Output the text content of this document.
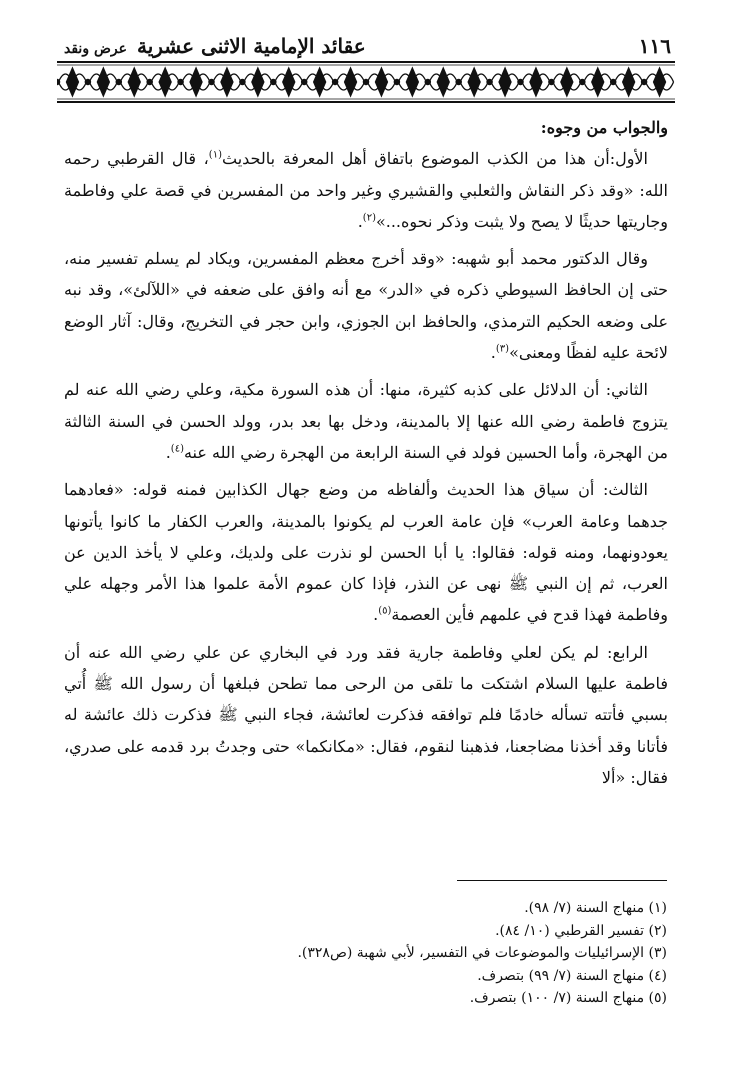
١١٦
عقائد الإمامية الاثنى عشرية
عرض ونقد

والجواب من وجوه:

الأول:أن هذا من الكذب الموضوع باتفاق أهل المعرفة بالحديث$^{(١)}$، قال القرطبي رحمه الله: «وقد ذكر النقاش والثعلبي والقشيري وغير واحد من المفسرين في قصة علي وفاطمة وجاريتها حديثًا لا يصح ولا يثبت وذكر نحوه...»$^{(٢)}$.

وقال الدكتور محمد أبو شهبه: «وقد أخرج معظم المفسرين، ويكاد لم يسلم تفسير منه، حتى إن الحافظ السيوطي ذكره في «الدر» مع أنه وافق على ضعفه في «اللآلئ»، وقد نبه على وضعه الحكيم الترمذي، والحافظ ابن الجوزي، وابن حجر في التخريج، وقال: آثار الوضع لائحة عليه لفظًا ومعنى»$^{(٣)}$.

الثاني: أن الدلائل على كذبه كثيرة، منها: أن هذه السورة مكية، وعلي رضي الله عنه لم يتزوج فاطمة رضي الله عنها إلا بالمدينة، ودخل بها بعد بدر، وولد الحسن في السنة الثالثة من الهجرة، وأما الحسين فولد في السنة الرابعة من الهجرة رضي الله عنه$^{(٤)}$.

الثالث: أن سياق هذا الحديث وألفاظه من وضع جهال الكذابين فمنه قوله: «فعادهما جدهما وعامة العرب» فإن عامة العرب لم يكونوا بالمدينة، والعرب الكفار ما كانوا يأتونها يعودونهما، ومنه قوله: فقالوا: يا أبا الحسن لو نذرت على ولديك، وعلي لا يأخذ الدين عن العرب، ثم إن النبي ﷺ نهى عن النذر، فإذا كان عموم الأمة علموا هذا الأمر وجهله علي وفاطمة فهذا قدح في علمهم فأين العصمة$^{(٥)}$.

الرابع: لم يكن لعلي وفاطمة جارية فقد ورد في البخاري عن علي رضي الله عنه أن فاطمة عليها السلام اشتكت ما تلقى من الرحى مما تطحن فبلغها أن رسول الله ﷺ أُتي بسبي فأتته تسأله خادمًا فلم توافقه فذكرت لعائشة، فجاء النبي ﷺ فذكرت ذلك عائشة له فأتانا وقد أخذنا مضاجعنا، فذهبنا لنقوم، فقال: «مكانكما» حتى وجدتُ برد قدمه على صدري، فقال: «ألا

(١) منهاج السنة (٧/ ٩٨).
(٢) تفسير القرطبي (١٠/ ٨٤).
(٣) الإسرائيليات والموضوعات في التفسير، لأبي شهبة (ص٣٢٨).
(٤) منهاج السنة (٧/ ٩٩) بتصرف.
(٥) منهاج السنة (٧/ ١٠٠) بتصرف.
